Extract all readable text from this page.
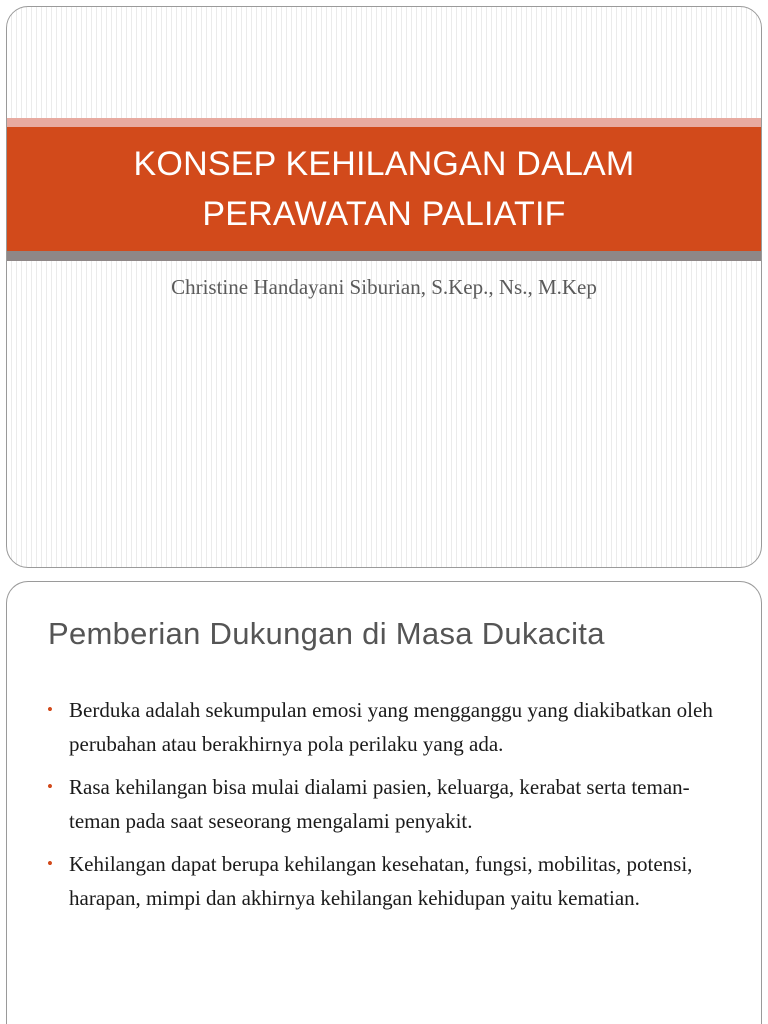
KONSEP KEHILANGAN DALAM PERAWATAN PALIATIF

Christine Handayani Siburian, S.Kep., Ns., M.Kep

Pemberian Dukungan di Masa Dukacita
• Berduka adalah sekumpulan emosi yang mengganggu yang diakibatkan oleh perubahan atau berakhirnya pola perilaku yang ada.
• Rasa kehilangan bisa mulai dialami pasien, keluarga, kerabat serta teman-teman pada saat seseorang mengalami penyakit.
• Kehilangan dapat berupa kehilangan kesehatan, fungsi, mobilitas, potensi, harapan, mimpi dan akhirnya kehilangan kehidupan yaitu kematian.
